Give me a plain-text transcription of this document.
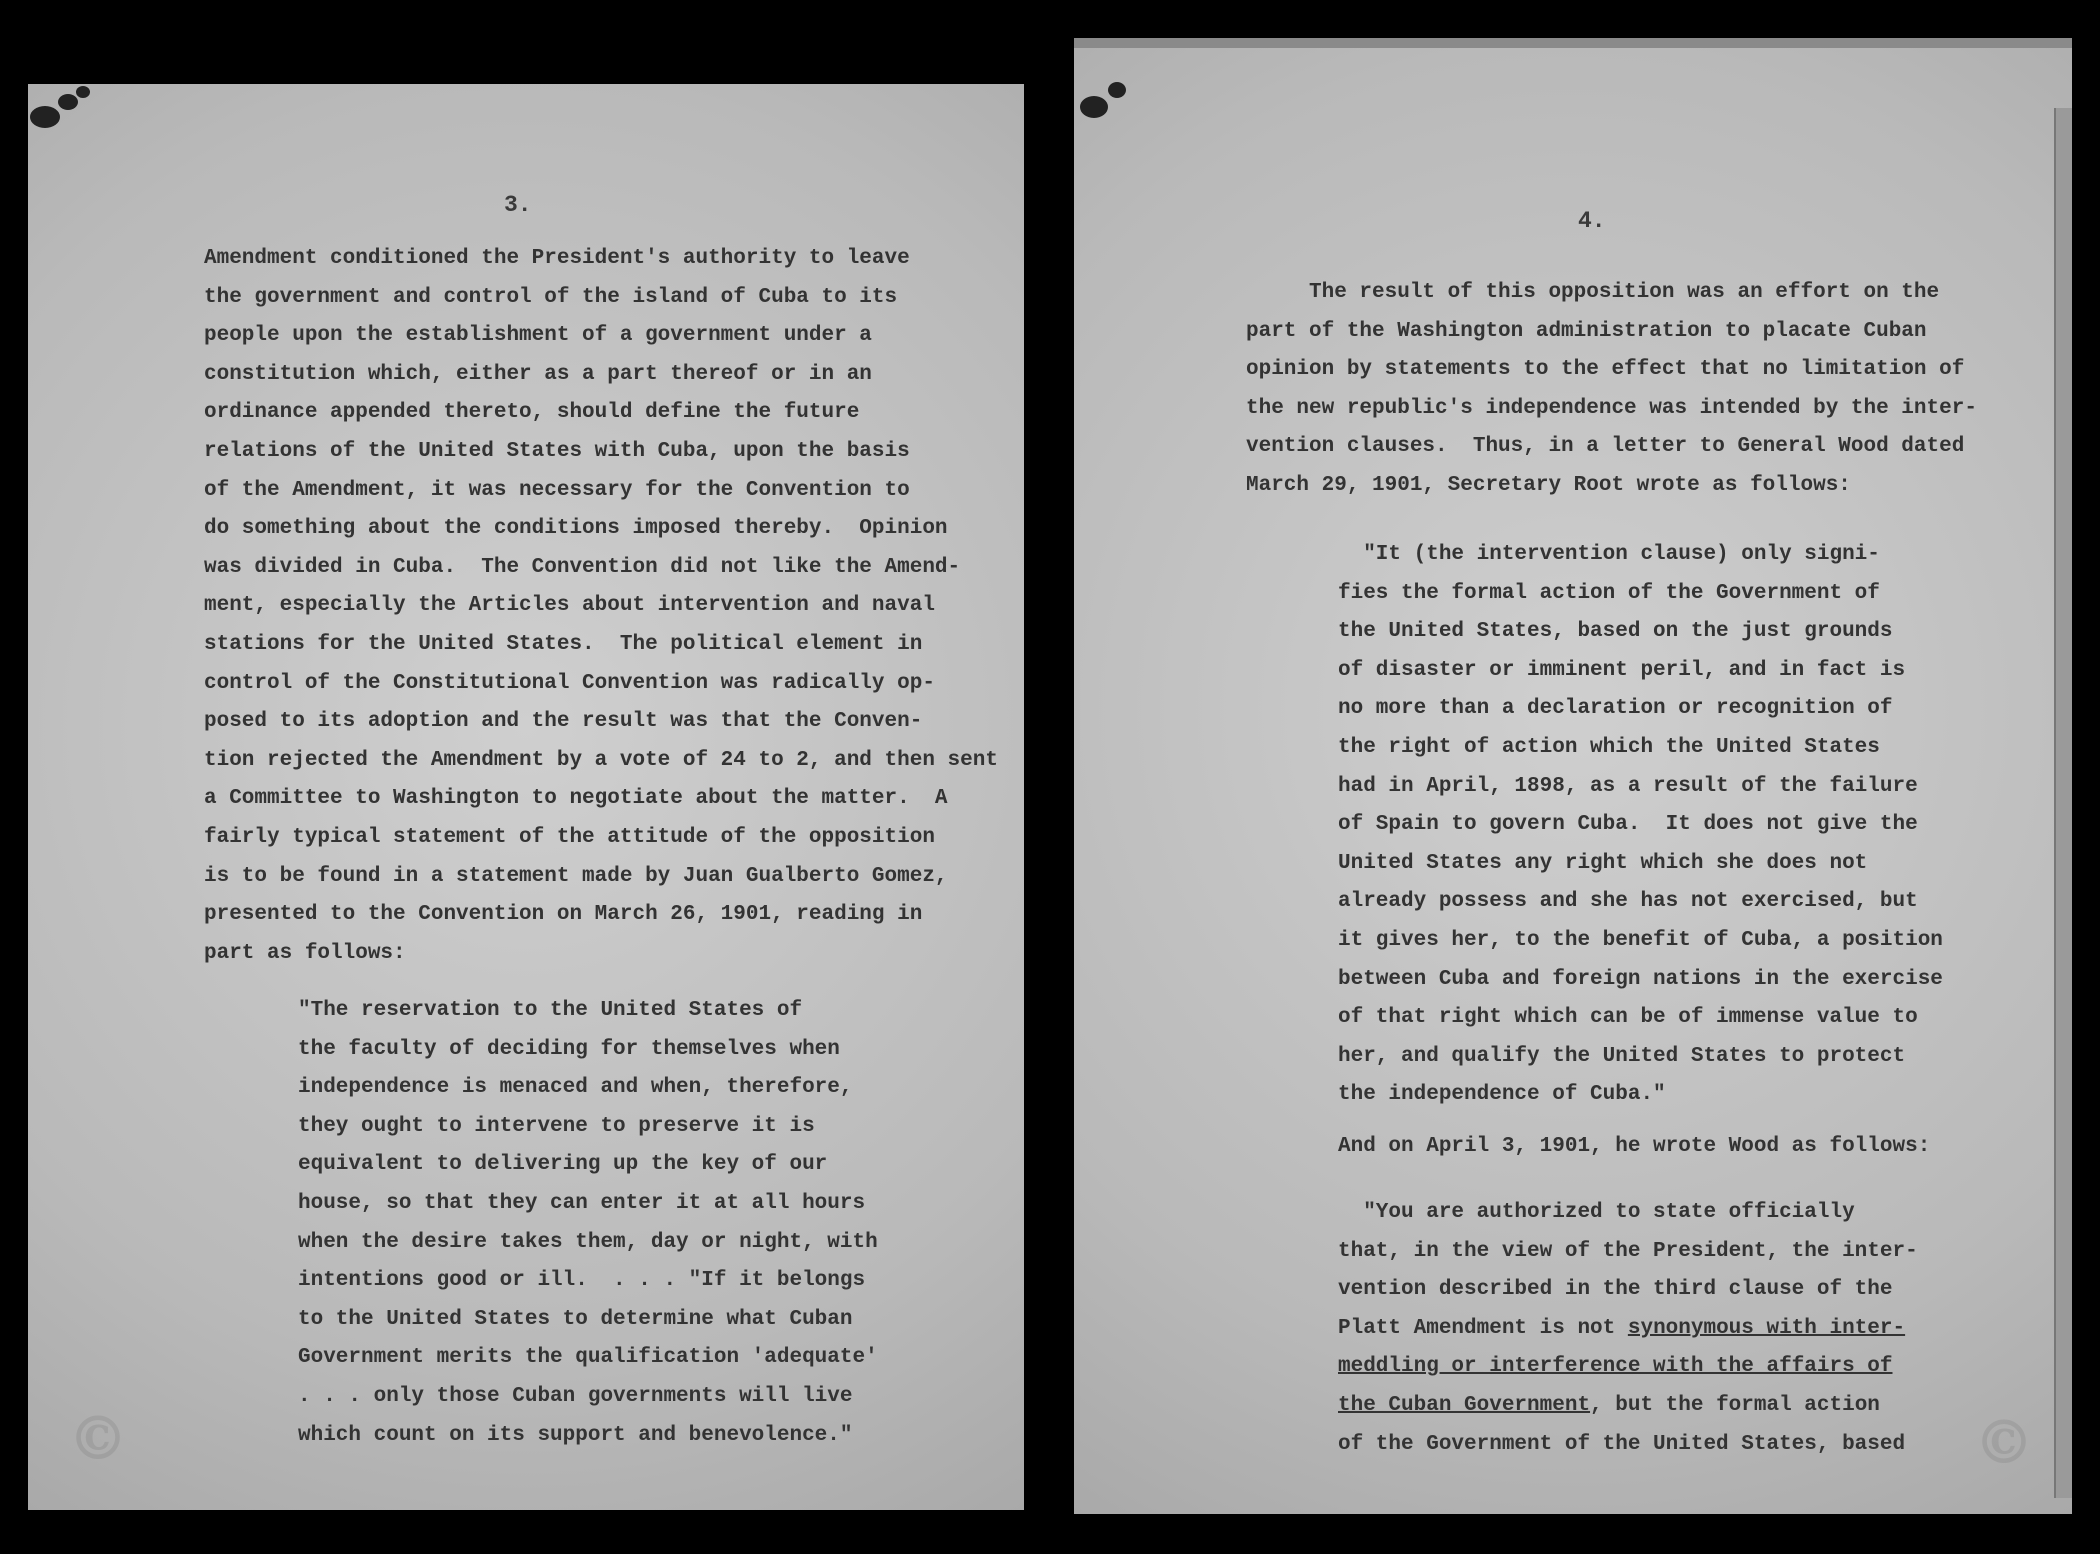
3.
Amendment conditioned the President's authority to leave
the government and control of the island of Cuba to its
people upon the establishment of a government under a
constitution which, either as a part thereof or in an
ordinance appended thereto, should define the future
relations of the United States with Cuba, upon the basis
of the Amendment, it was necessary for the Convention to
do something about the conditions imposed thereby.  Opinion
was divided in Cuba.  The Convention did not like the Amend-
ment, especially the Articles about intervention and naval
stations for the United States.  The political element in
control of the Constitutional Convention was radically op-
posed to its adoption and the result was that the Conven-
tion rejected the Amendment by a vote of 24 to 2, and then sent
a Committee to Washington to negotiate about the matter.  A
fairly typical statement of the attitude of the opposition
is to be found in a statement made by Juan Gualberto Gomez,
presented to the Convention on March 26, 1901, reading in
part as follows:
"The reservation to the United States of
the faculty of deciding for themselves when
independence is menaced and when, therefore,
they ought to intervene to preserve it is
equivalent to delivering up the key of our
house, so that they can enter it at all hours
when the desire takes them, day or night, with
intentions good or ill.  . . . "If it belongs
to the United States to determine what Cuban
Government merits the qualification 'adequate'
. . . only those Cuban governments will live
which count on its support and benevolence."
©
4.
The result of this opposition was an effort on the
part of the Washington administration to placate Cuban
opinion by statements to the effect that no limitation of
the new republic's independence was intended by the inter-
vention clauses.  Thus, in a letter to General Wood dated
March 29, 1901, Secretary Root wrote as follows:
"It (the intervention clause) only signi-
fies the formal action of the Government of
the United States, based on the just grounds
of disaster or imminent peril, and in fact is
no more than a declaration or recognition of
the right of action which the United States
had in April, 1898, as a result of the failure
of Spain to govern Cuba.  It does not give the
United States any right which she does not
already possess and she has not exercised, but
it gives her, to the benefit of Cuba, a position
between Cuba and foreign nations in the exercise
of that right which can be of immense value to
her, and qualify the United States to protect
the independence of Cuba."
And on April 3, 1901, he wrote Wood as follows:
"You are authorized to state officially
that, in the view of the President, the inter-
vention described in the third clause of the
Platt Amendment is not synonymous with inter-
meddling or interference with the affairs of
the Cuban Government, but the formal action
of the Government of the United States, based	©
